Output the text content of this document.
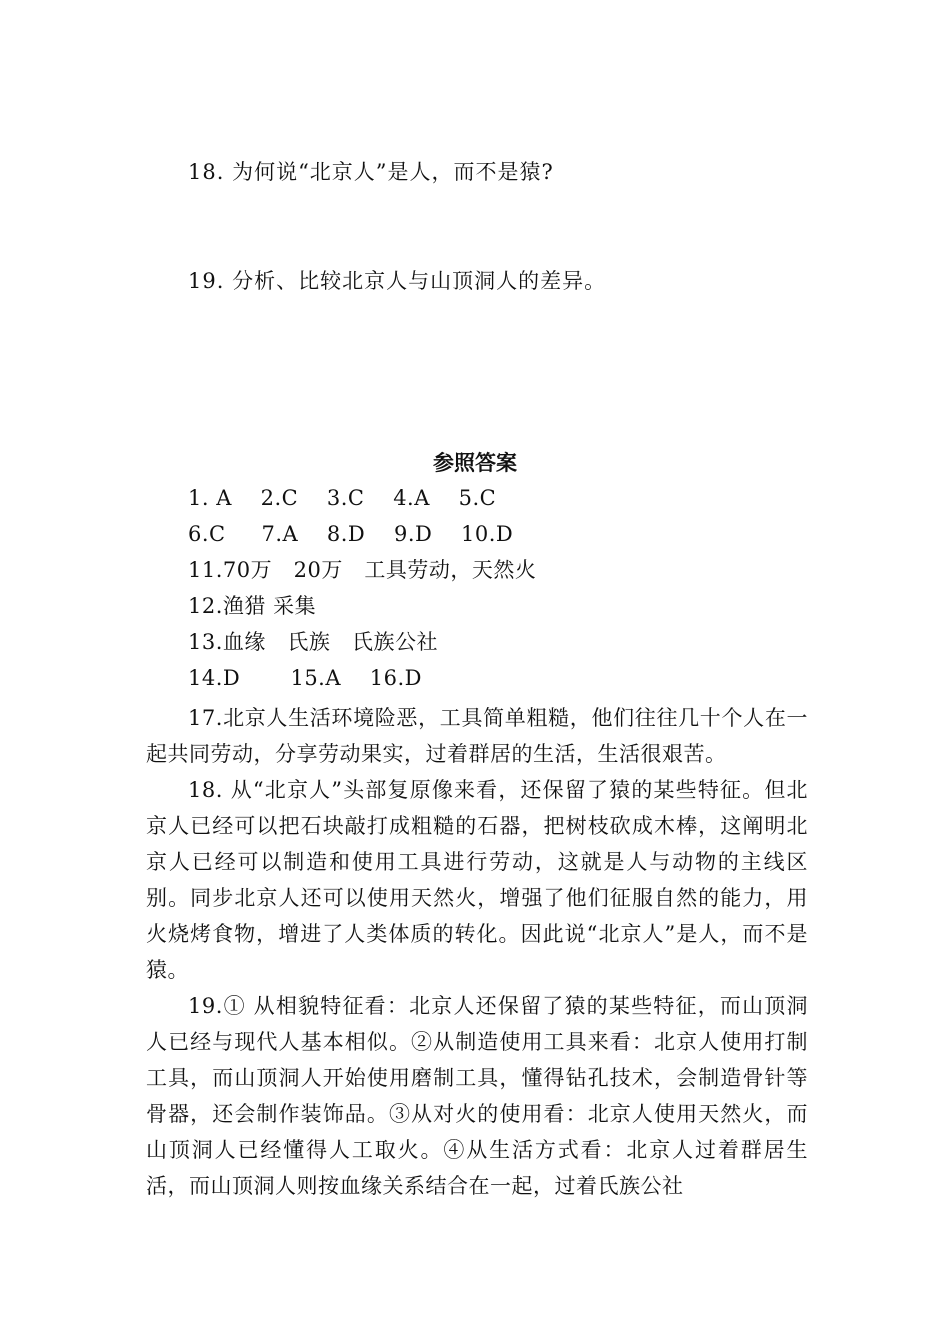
18. 为何说“北京人”是人，而不是猿?
19. 分析、比较北京人与山顶洞人的差异。
参照答案
1. A    2.C    3.C    4.A    5.C
6.C     7.A    8.D    9.D    10.D
11.70万   20万   工具劳动，天然火
12.渔猎 采集
13.血缘   氏族   氏族公社
14.D       15.A    16.D
17.北京人生活环境险恶，工具简单粗糙，他们往往几十个人在一起共同劳动，分享劳动果实，过着群居的生活，生活很艰苦。
18. 从“北京人”头部复原像来看，还保留了猿的某些特征。但北京人已经可以把石块敲打成粗糙的石器，把树枝砍成木棒，这阐明北京人已经可以制造和使用工具进行劳动，这就是人与动物的主线区别。同步北京人还可以使用天然火，增强了他们征服自然的能力，用火烧烤食物，增进了人类体质的转化。因此说“北京人”是人，而不是猿。
19.① 从相貌特征看：北京人还保留了猿的某些特征，而山顶洞人已经与现代人基本相似。②从制造使用工具来看：北京人使用打制工具，而山顶洞人开始使用磨制工具，懂得钻孔技术，会制造骨针等骨器，还会制作装饰品。③从对火的使用看：北京人使用天然火，而山顶洞人已经懂得人工取火。④从生活方式看：北京人过着群居生活，而山顶洞人则按血缘关系结合在一起，过着氏族公社
